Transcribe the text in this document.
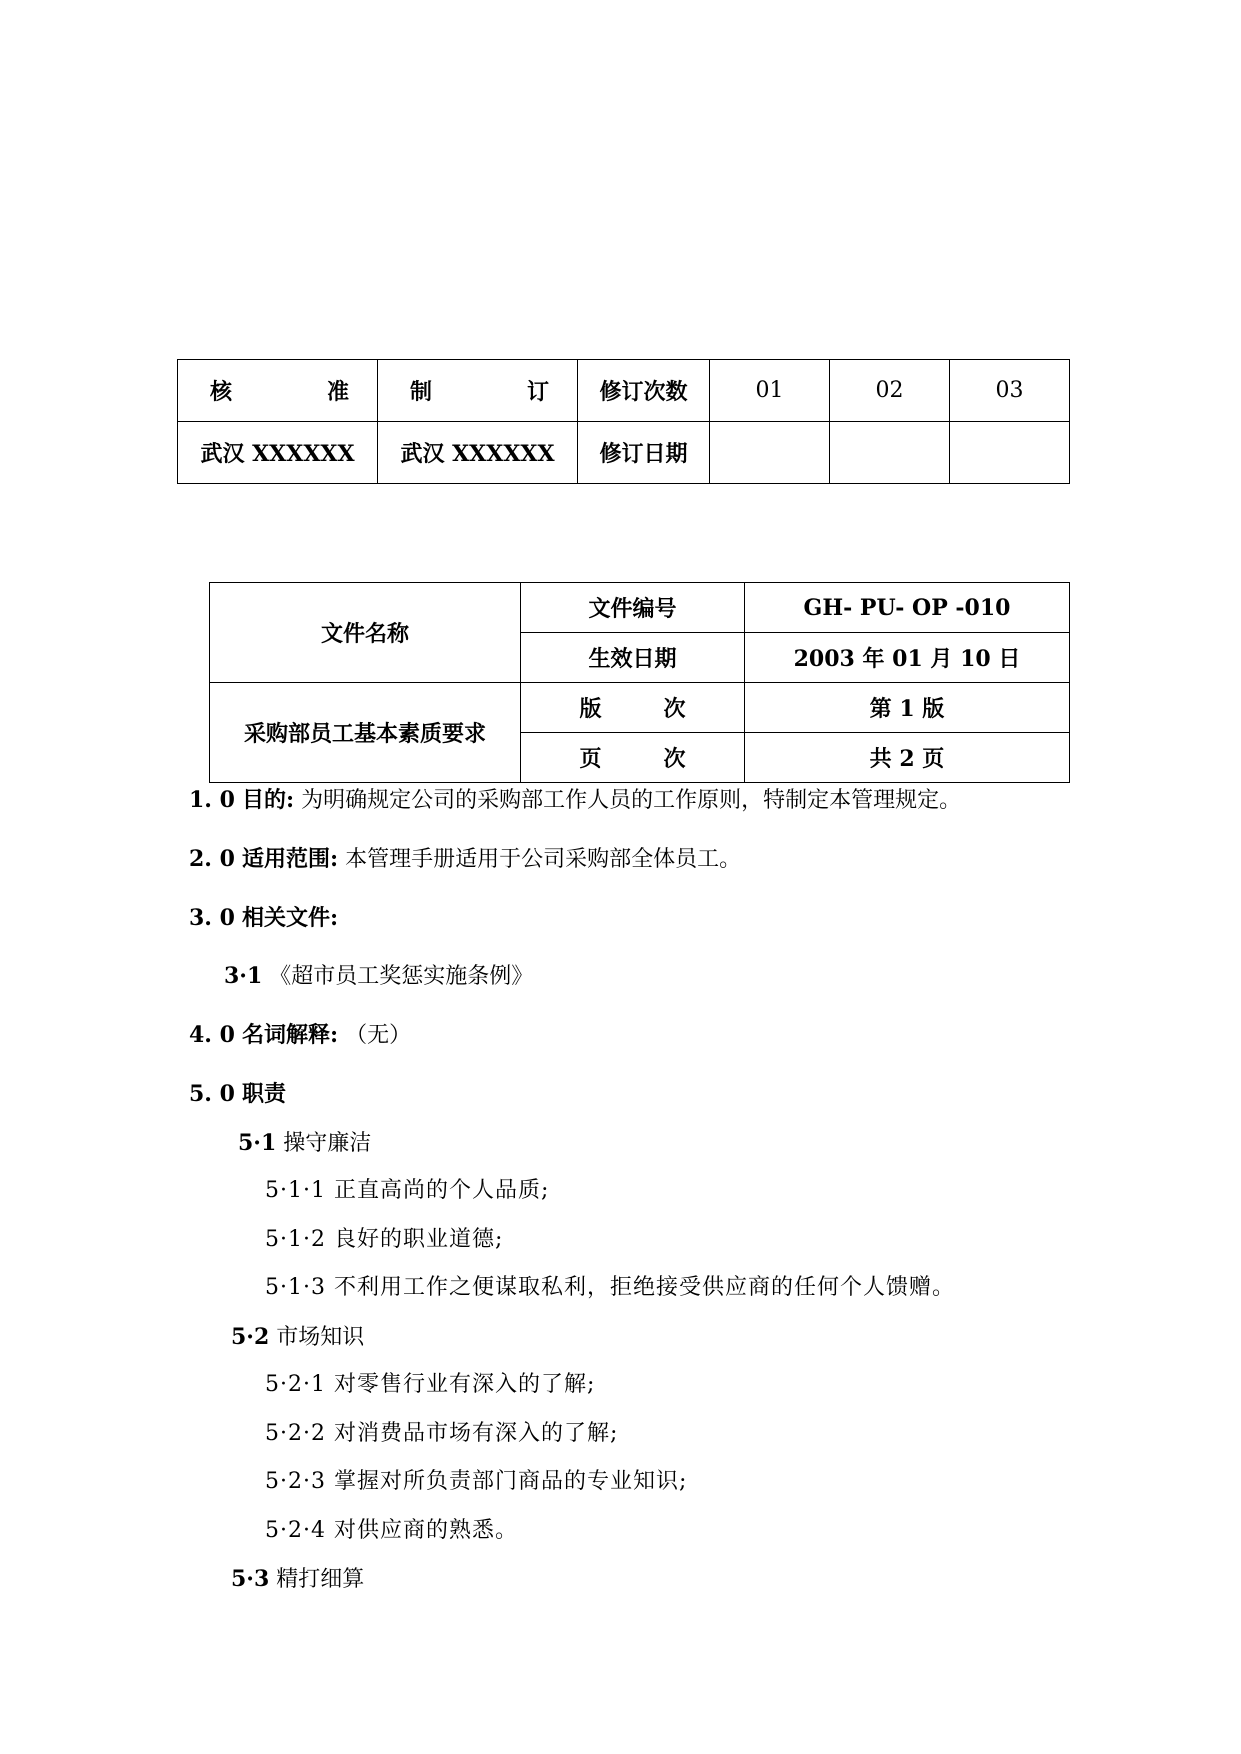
核 准	制 订	修订次数	01	02	03
武汉 XXXXXX	武汉 XXXXXX	修订日期			
文件名称	文件编号	GH- PU- OP -010
	生效日期	2003 年 01 月 10 日
采购部员工基本素质要求	版 次	第 1 版

	页 次	共 2 页
1. 0 目的: 为明确规定公司的采购部工作人员的工作原则，特制定本管理规定。
2. 0 适用范围: 本管理手册适用于公司采购部全体员工。
3. 0 相关文件:
3·1 《超市员工奖惩实施条例》
4. 0 名词解释: （无）
5. 0 职责
5·1 操守廉洁
5·1·1 正直高尚的个人品质;
5·1·2 良好的职业道德;
5·1·3 不利用工作之便谋取私利，拒绝接受供应商的任何个人馈赠。
5·2 市场知识
5·2·1 对零售行业有深入的了解;
5·2·2 对消费品市场有深入的了解;
5·2·3 掌握对所负责部门商品的专业知识;
5·2·4 对供应商的熟悉。
5·3 精打细算
